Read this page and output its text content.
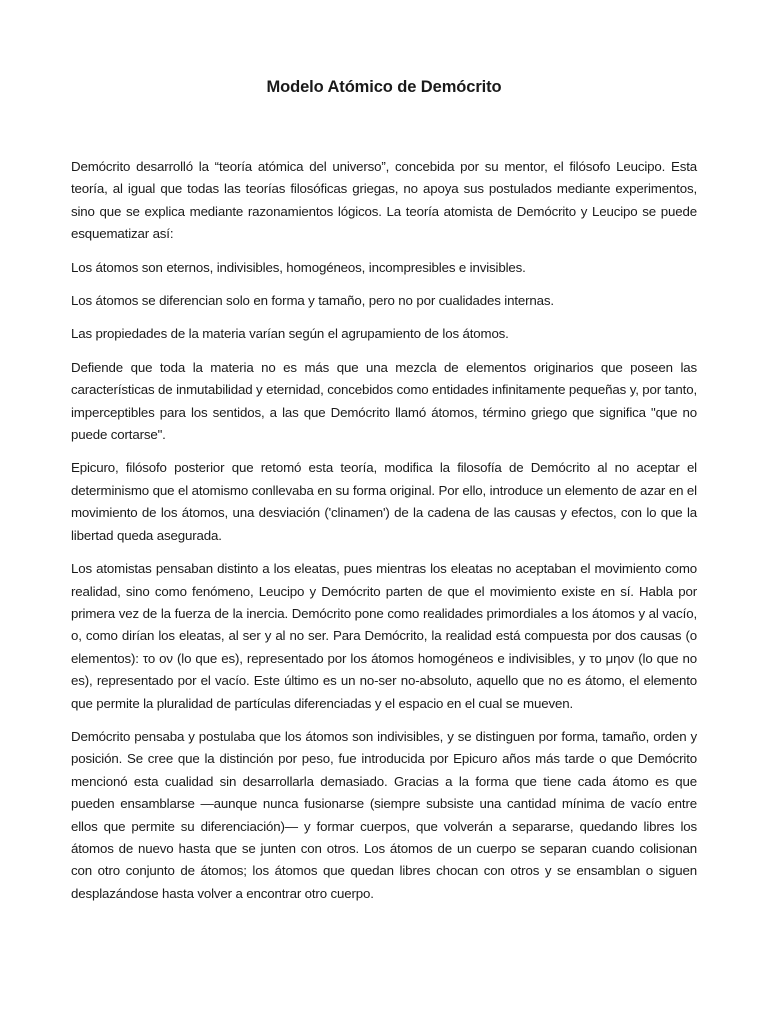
Modelo Atómico de Demócrito

Demócrito desarrolló la “teoría atómica del universo”, concebida por su mentor, el filósofo Leucipo. Esta teoría, al igual que todas las teorías filosóficas griegas, no apoya sus postulados mediante experimentos, sino que se explica mediante razonamientos lógicos. La teoría atomista de Demócrito y Leucipo se puede esquematizar así:

Los átomos son eternos, indivisibles, homogéneos, incompresibles e invisibles.

Los átomos se diferencian solo en forma y tamaño, pero no por cualidades internas.

Las propiedades de la materia varían según el agrupamiento de los átomos.

Defiende que toda la materia no es más que una mezcla de elementos originarios que poseen las características de inmutabilidad y eternidad, concebidos como entidades infinitamente pequeñas y, por tanto, imperceptibles para los sentidos, a las que Demócrito llamó átomos, término griego que significa "que no puede cortarse".

Epicuro, filósofo posterior que retomó esta teoría, modifica la filosofía de Demócrito al no aceptar el determinismo que el atomismo conllevaba en su forma original. Por ello, introduce un elemento de azar en el movimiento de los átomos, una desviación ('clinamen') de la cadena de las causas y efectos, con lo que la libertad queda asegurada.

Los atomistas pensaban distinto a los eleatas, pues mientras los eleatas no aceptaban el movimiento como realidad, sino como fenómeno, Leucipo y Demócrito parten de que el movimiento existe en sí. Habla por primera vez de la fuerza de la inercia. Demócrito pone como realidades primordiales a los átomos y al vacío, o, como dirían los eleatas, al ser y al no ser. Para Demócrito, la realidad está compuesta por dos causas (o elementos): το ον (lo que es), representado por los átomos homogéneos e indivisibles, y το μηον (lo que no es), representado por el vacío. Este último es un no-ser no-absoluto, aquello que no es átomo, el elemento que permite la pluralidad de partículas diferenciadas y el espacio en el cual se mueven.

Demócrito pensaba y postulaba que los átomos son indivisibles, y se distinguen por forma, tamaño, orden y posición. Se cree que la distinción por peso, fue introducida por Epicuro años más tarde o que Demócrito mencionó esta cualidad sin desarrollarla demasiado. Gracias a la forma que tiene cada átomo es que pueden ensamblarse —aunque nunca fusionarse (siempre subsiste una cantidad mínima de vacío entre ellos que permite su diferenciación)— y formar cuerpos, que volverán a separarse, quedando libres los átomos de nuevo hasta que se junten con otros. Los átomos de un cuerpo se separan cuando colisionan con otro conjunto de átomos; los átomos que quedan libres chocan con otros y se ensamblan o siguen desplazándose hasta volver a encontrar otro cuerpo.
